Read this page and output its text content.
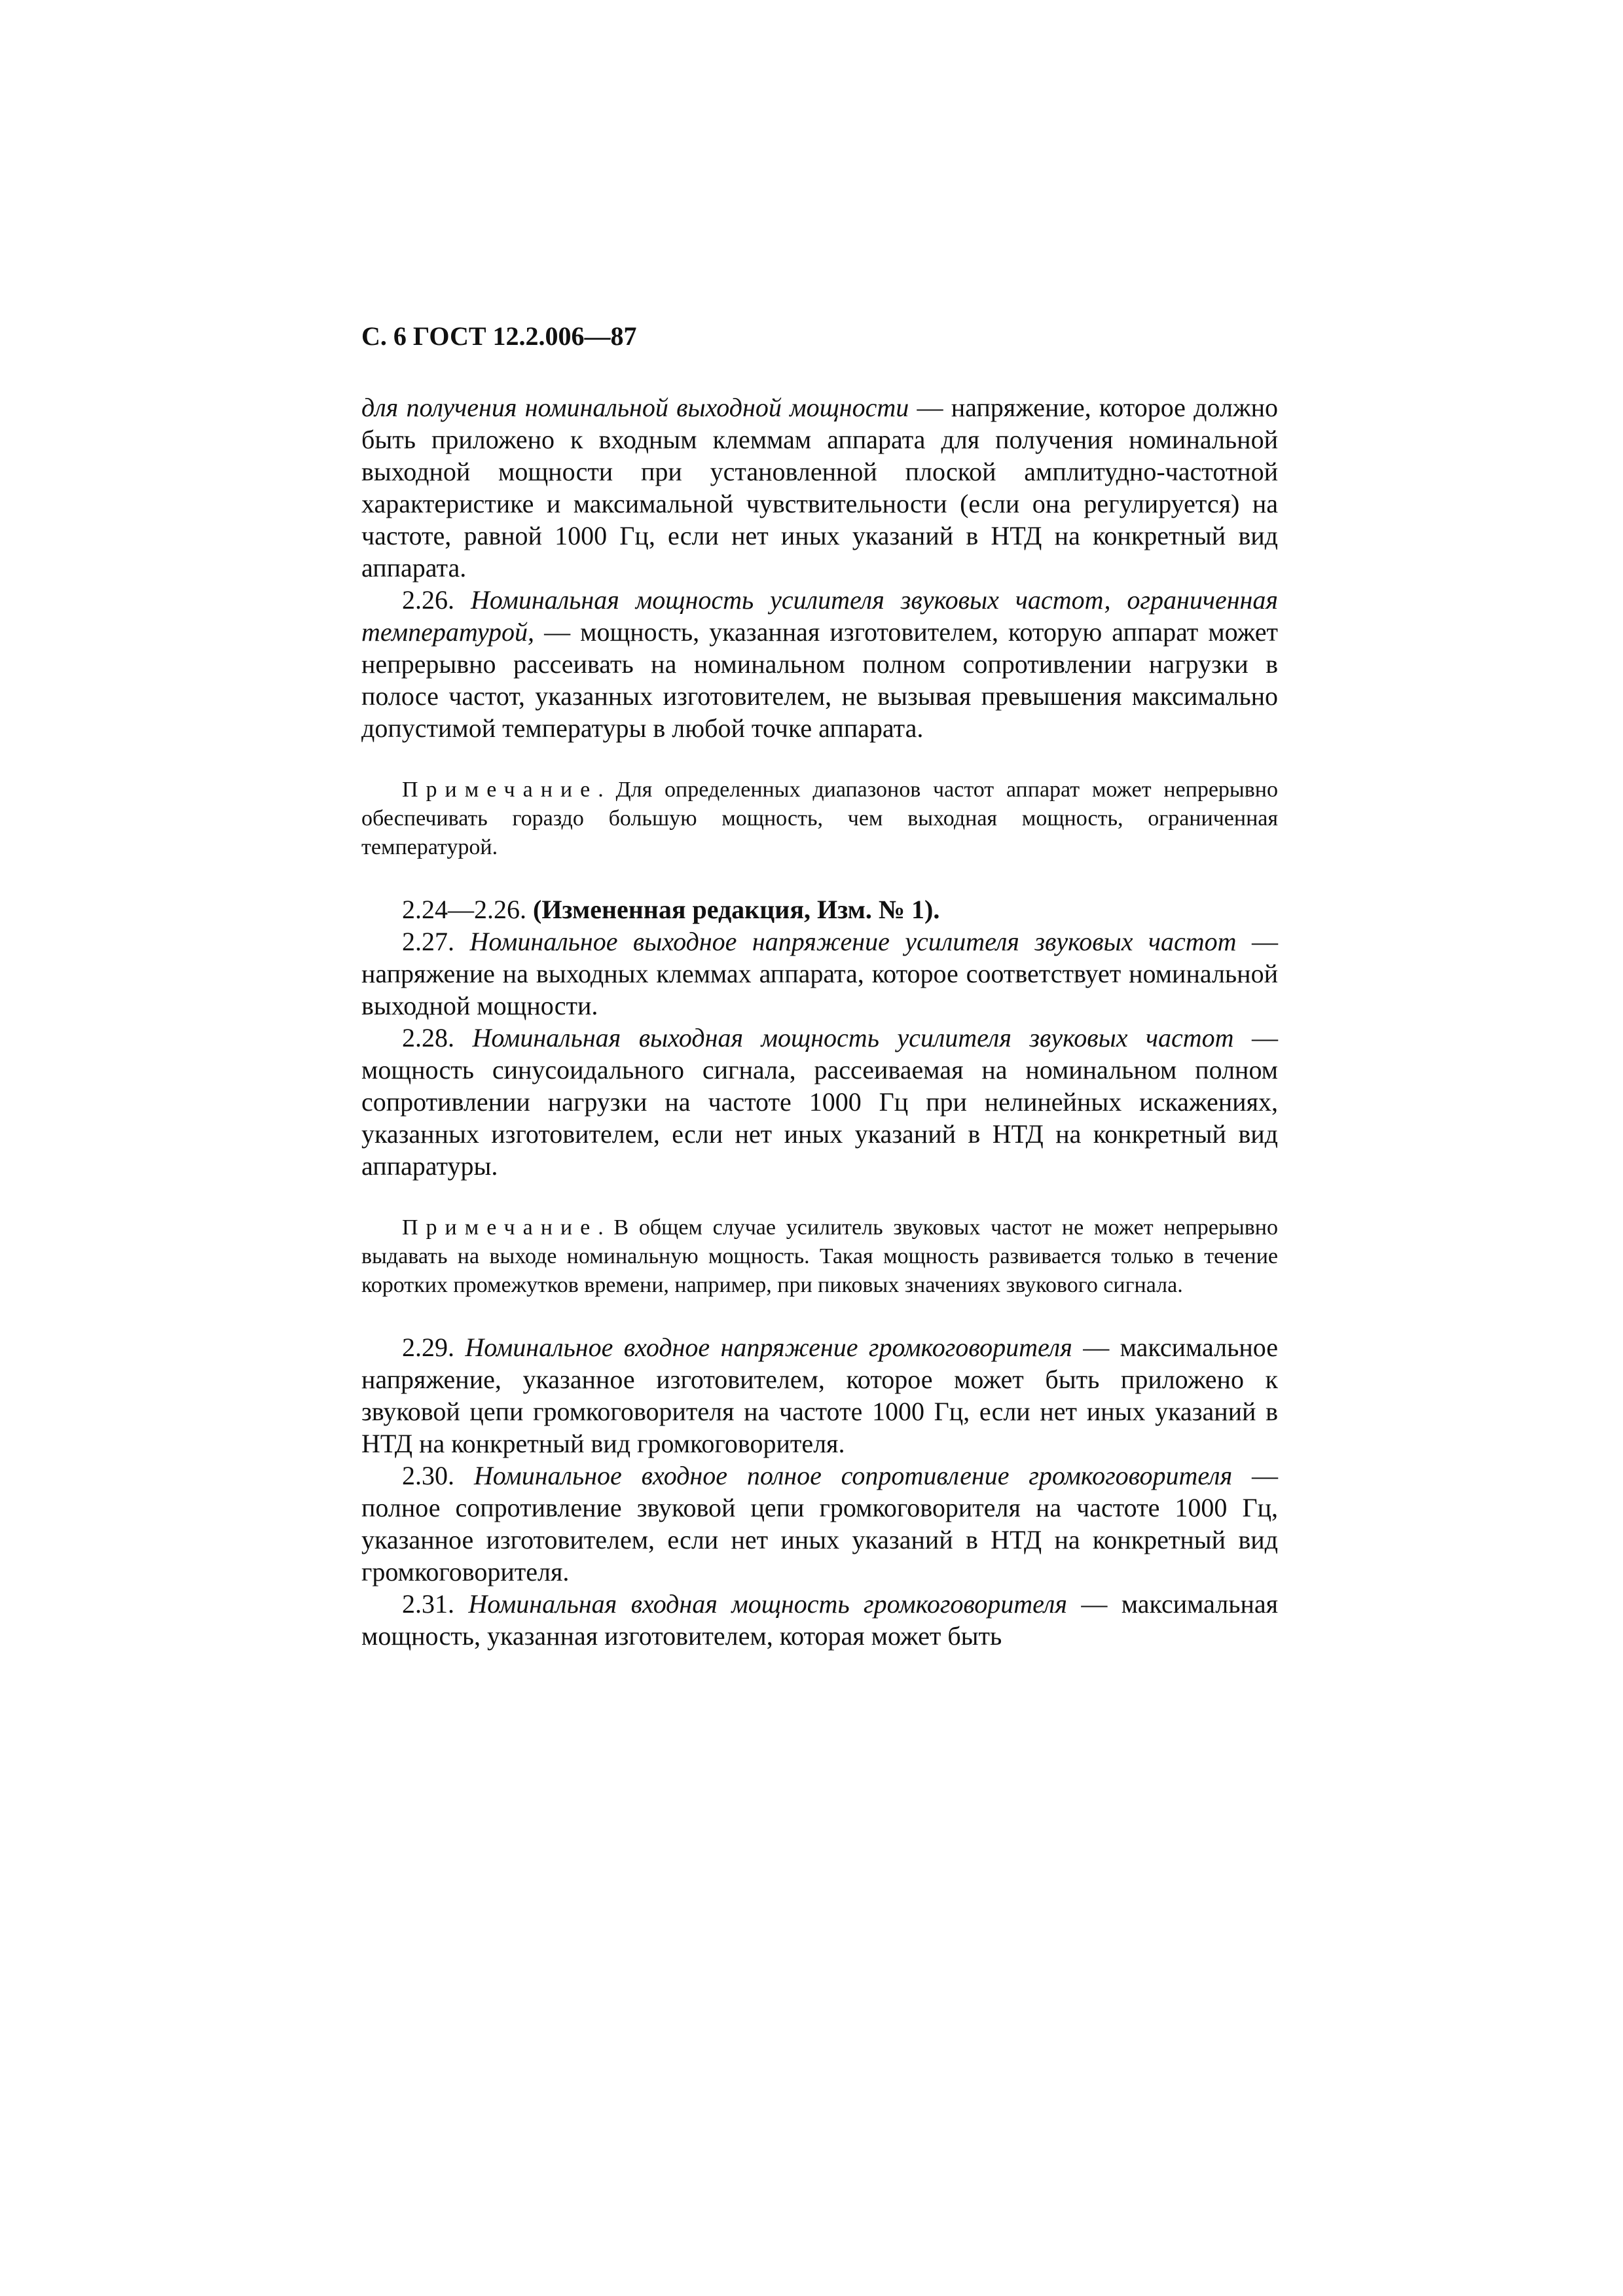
С. 6 ГОСТ 12.2.006—87

для получения номинальной выходной мощности — напряжение, которое должно быть приложено к входным клеммам аппарата для получения номинальной выходной мощности при установленной плоской амплитудно-частотной характеристике и максимальной чувствительности (если она регулируется) на частоте, равной 1000 Гц, если нет иных указаний в НТД на конкретный вид аппарата.

2.26. Номинальная мощность усилителя звуковых частот, ограниченная температурой, — мощность, указанная изготовителем, которую аппарат может непрерывно рассеивать на номинальном полном сопротивлении нагрузки в полосе частот, указанных изготовителем, не вызывая превышения максимально допустимой температуры в любой точке аппарата.

Примечание. Для определенных диапазонов частот аппарат может непрерывно обеспечивать гораздо большую мощность, чем выходная мощность, ограниченная температурой.

2.24—2.26. (Измененная редакция, Изм. № 1).

2.27. Номинальное выходное напряжение усилителя звуковых частот — напряжение на выходных клеммах аппарата, которое соответствует номинальной выходной мощности.

2.28. Номинальная выходная мощность усилителя звуковых частот — мощность синусоидального сигнала, рассеиваемая на номинальном полном сопротивлении нагрузки на частоте 1000 Гц при нелинейных искажениях, указанных изготовителем, если нет иных указаний в НТД на конкретный вид аппаратуры.

Примечание. В общем случае усилитель звуковых частот не может непрерывно выдавать на выходе номинальную мощность. Такая мощность развивается только в течение коротких промежутков времени, например, при пиковых значениях звукового сигнала.

2.29. Номинальное входное напряжение громкоговорителя — максимальное напряжение, указанное изготовителем, которое может быть приложено к звуковой цепи громкоговорителя на частоте 1000 Гц, если нет иных указаний в НТД на конкретный вид громкоговорителя.

2.30. Номинальное входное полное сопротивление громкоговорителя — полное сопротивление звуковой цепи громкоговорителя на частоте 1000 Гц, указанное изготовителем, если нет иных указаний в НТД на конкретный вид громкоговорителя.

2.31. Номинальная входная мощность громкоговорителя — максимальная мощность, указанная изготовителем, которая может быть
